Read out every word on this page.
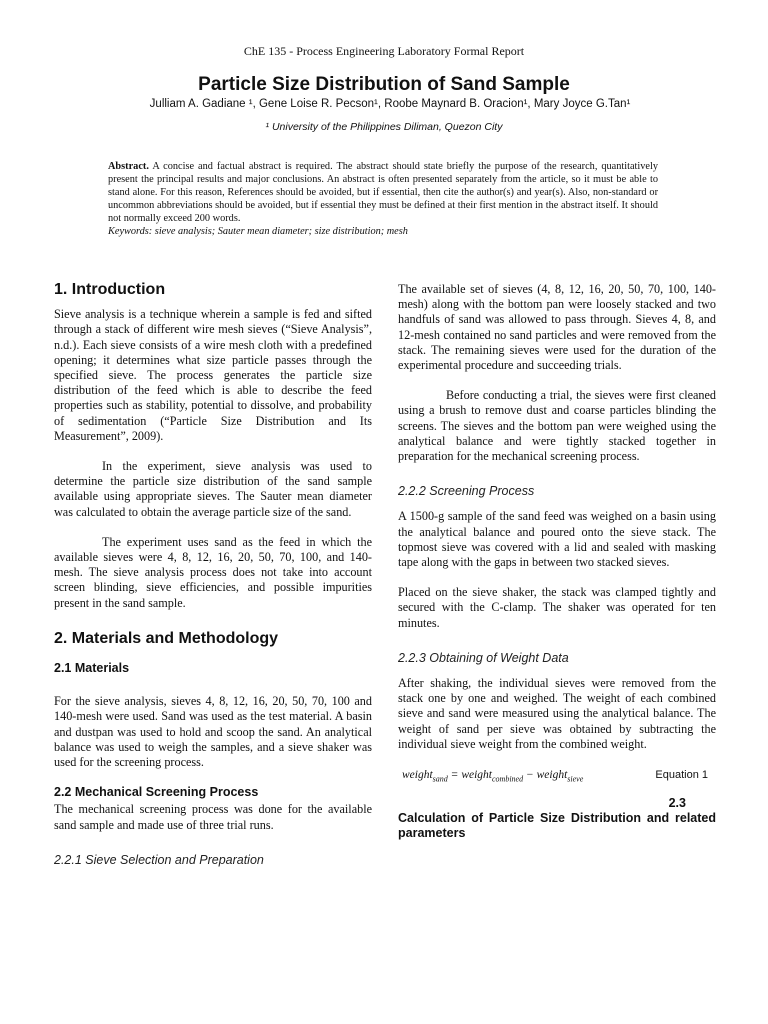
ChE 135 - Process Engineering Laboratory Formal Report
Particle Size Distribution of Sand Sample
Julliam A. Gadiane ¹, Gene Loise R. Pecson¹, Roobe Maynard B. Oracion¹, Mary Joyce G.Tan¹
¹ University of the Philippines Diliman, Quezon City

Abstract. A concise and factual abstract is required. The abstract should state briefly the purpose of the research, quantitatively present the principal results and major conclusions. An abstract is often presented separately from the article, so it must be able to stand alone. For this reason, References should be avoided, but if essential, then cite the author(s) and year(s). Also, non-standard or uncommon abbreviations should be avoided, but if essential they must be defined at their first mention in the abstract itself. It should not normally exceed 200 words.

Keywords: sieve analysis; Sauter mean diameter; size distribution; mesh

1. Introduction

Sieve analysis is a technique wherein a sample is fed and sifted through a stack of different wire mesh sieves (“Sieve Analysis”, n.d.). Each sieve consists of a wire mesh cloth with a predefined opening; it determines what size particle passes through the specified sieve. The process generates the particle size distribution of the feed which is able to describe the feed properties such as stability, potential to dissolve, and probability of sedimentation (“Particle Size Distribution and Its Measurement”, 2009).

In the experiment, sieve analysis was used to determine the particle size distribution of the sand sample available using appropriate sieves. The Sauter mean diameter was calculated to obtain the average particle size of the sand.

The experiment uses sand as the feed in which the available sieves were 4, 8, 12, 16, 20, 50, 70, 100, and 140-mesh. The sieve analysis process does not take into account screen blinding, sieve efficiencies, and possible impurities present in the sand sample.

2. Materials and Methodology
2.1 Materials

For the sieve analysis, sieves 4, 8, 12, 16, 20, 50, 70, 100 and 140-mesh were used. Sand was used as the test material. A basin and dustpan was used to hold and scoop the sand. An analytical balance was used to weigh the samples, and a sieve shaker was used for the screening process.

2.2 Mechanical Screening Process

The mechanical screening process was done for the available sand sample and made use of three trial runs.

2.2.1 Sieve Selection and Preparation

The available set of sieves (4, 8, 12, 16, 20, 50, 70, 100, 140-mesh) along with the bottom pan were loosely stacked and two handfuls of sand was allowed to pass through. Sieves 4, 8, and 12-mesh contained no sand particles and were removed from the stack. The remaining sieves were used for the duration of the experimental procedure and succeeding trials.

Before conducting a trial, the sieves were first cleaned using a brush to remove dust and coarse particles blinding the screens. The sieves and the bottom pan were weighed using the analytical balance and were tightly stacked together in preparation for the mechanical screening process.

2.2.2 Screening Process

A 1500-g sample of the sand feed was weighed on a basin using the analytical balance and poured onto the sieve stack. The topmost sieve was covered with a lid and sealed with masking tape along with the gaps in between two stacked sieves.

Placed on the sieve shaker, the stack was clamped tightly and secured with the C-clamp. The shaker was operated for ten minutes.

2.2.3 Obtaining of Weight Data

After shaking, the individual sieves were removed from the stack one by one and weighed. The weight of each combined sieve and sand were measured using the analytical balance. The weight of sand per sieve was obtained by subtracting the individual sieve weight from the combined weight.

weight$_{sand}$ = weight$_{combined}$ − weight$_{sieve}$	Equation 1
2.3
Calculation of Particle Size Distribution and related parameters
